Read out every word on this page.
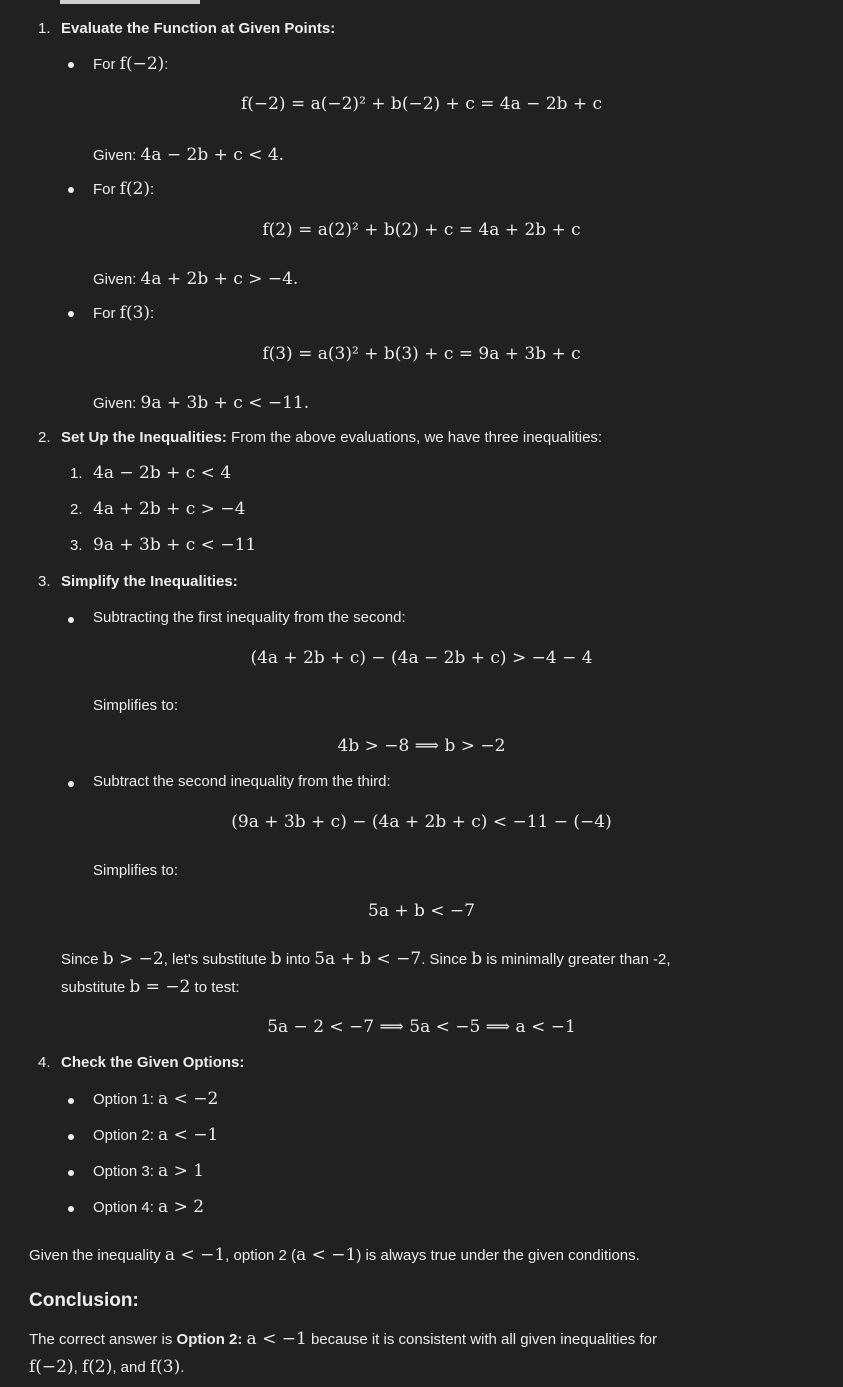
1. Evaluate the Function at Given Points:
For f(−2):
f(−2) = a(−2)² + b(−2) + c = 4a − 2b + c
Given: 4a − 2b + c < 4.
For f(2):
f(2) = a(2)² + b(2) + c = 4a + 2b + c
Given: 4a + 2b + c > −4.
For f(3):
f(3) = a(3)² + b(3) + c = 9a + 3b + c
Given: 9a + 3b + c < −11.
2. Set Up the Inequalities: From the above evaluations, we have three inequalities:
1. 4a − 2b + c < 4
2. 4a + 2b + c > −4
3. 9a + 3b + c < −11
3. Simplify the Inequalities:
Subtracting the first inequality from the second:
(4a + 2b + c) − (4a − 2b + c) > −4 − 4
Simplifies to:
4b > −8 ⟹ b > −2
Subtract the second inequality from the third:
(9a + 3b + c) − (4a + 2b + c) < −11 − (−4)
Simplifies to:
5a + b < −7
Since b > −2, let's substitute b into 5a + b < −7. Since b is minimally greater than -2,
substitute b = −2 to test:
5a − 2 < −7 ⟹ 5a < −5 ⟹ a < −1
4. Check the Given Options:
Option 1: a < −2
Option 2: a < −1
Option 3: a > 1
Option 4: a > 2
Given the inequality a < −1, option 2 (a < −1) is always true under the given conditions.
Conclusion:
The correct answer is Option 2: a < −1 because it is consistent with all given inequalities for
f(−2), f(2), and f(3).
